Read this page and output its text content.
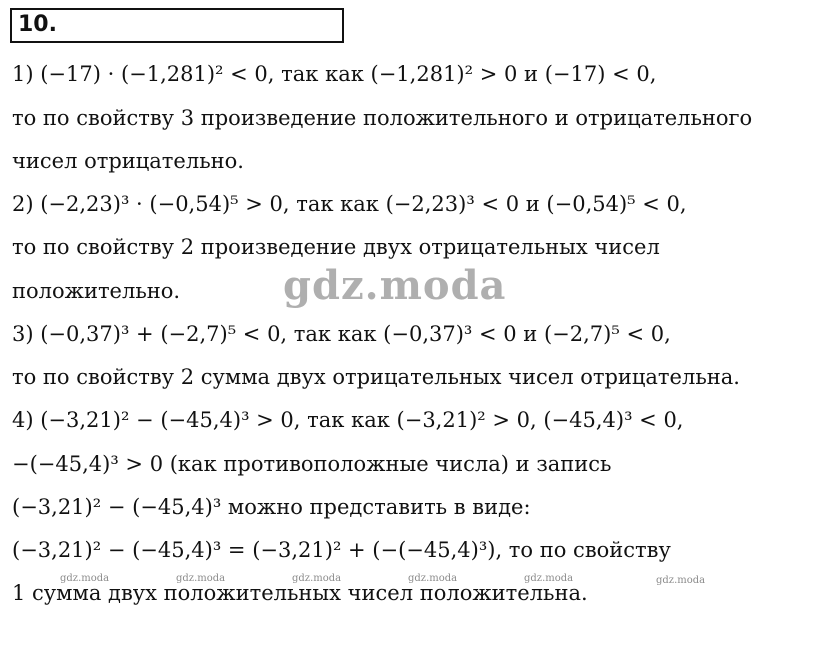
10.
1) (−17) · (−1,281)² < 0, так как (−1,281)² > 0 и (−17) < 0,
то по свойству 3 произведение положительного и отрицательного
чисел отрицательно.
2) (−2,23)³ · (−0,54)⁵ > 0, так как (−2,23)³ < 0 и (−0,54)⁵ < 0,
то по свойству 2 произведение двух отрицательных чисел
положительно.
3) (−0,37)³ + (−2,7)⁵ < 0, так как (−0,37)³ < 0 и (−2,7)⁵ < 0,
то по свойству 2 сумма двух отрицательных чисел отрицательна.
4) (−3,21)² − (−45,4)³ > 0, так как (−3,21)² > 0, (−45,4)³ < 0,
−(−45,4)³ > 0 (как противоположные числа) и запись
(−3,21)² − (−45,4)³ можно представить в виде:
(−3,21)² − (−45,4)³ = (−3,21)² + (−(−45,4)³), то по свойству
1 сумма двух положительных чисел положительна.
gdz.moda
gdz.moda	gdz.moda	gdz.moda	gdz.moda	gdz.moda	gdz.moda
